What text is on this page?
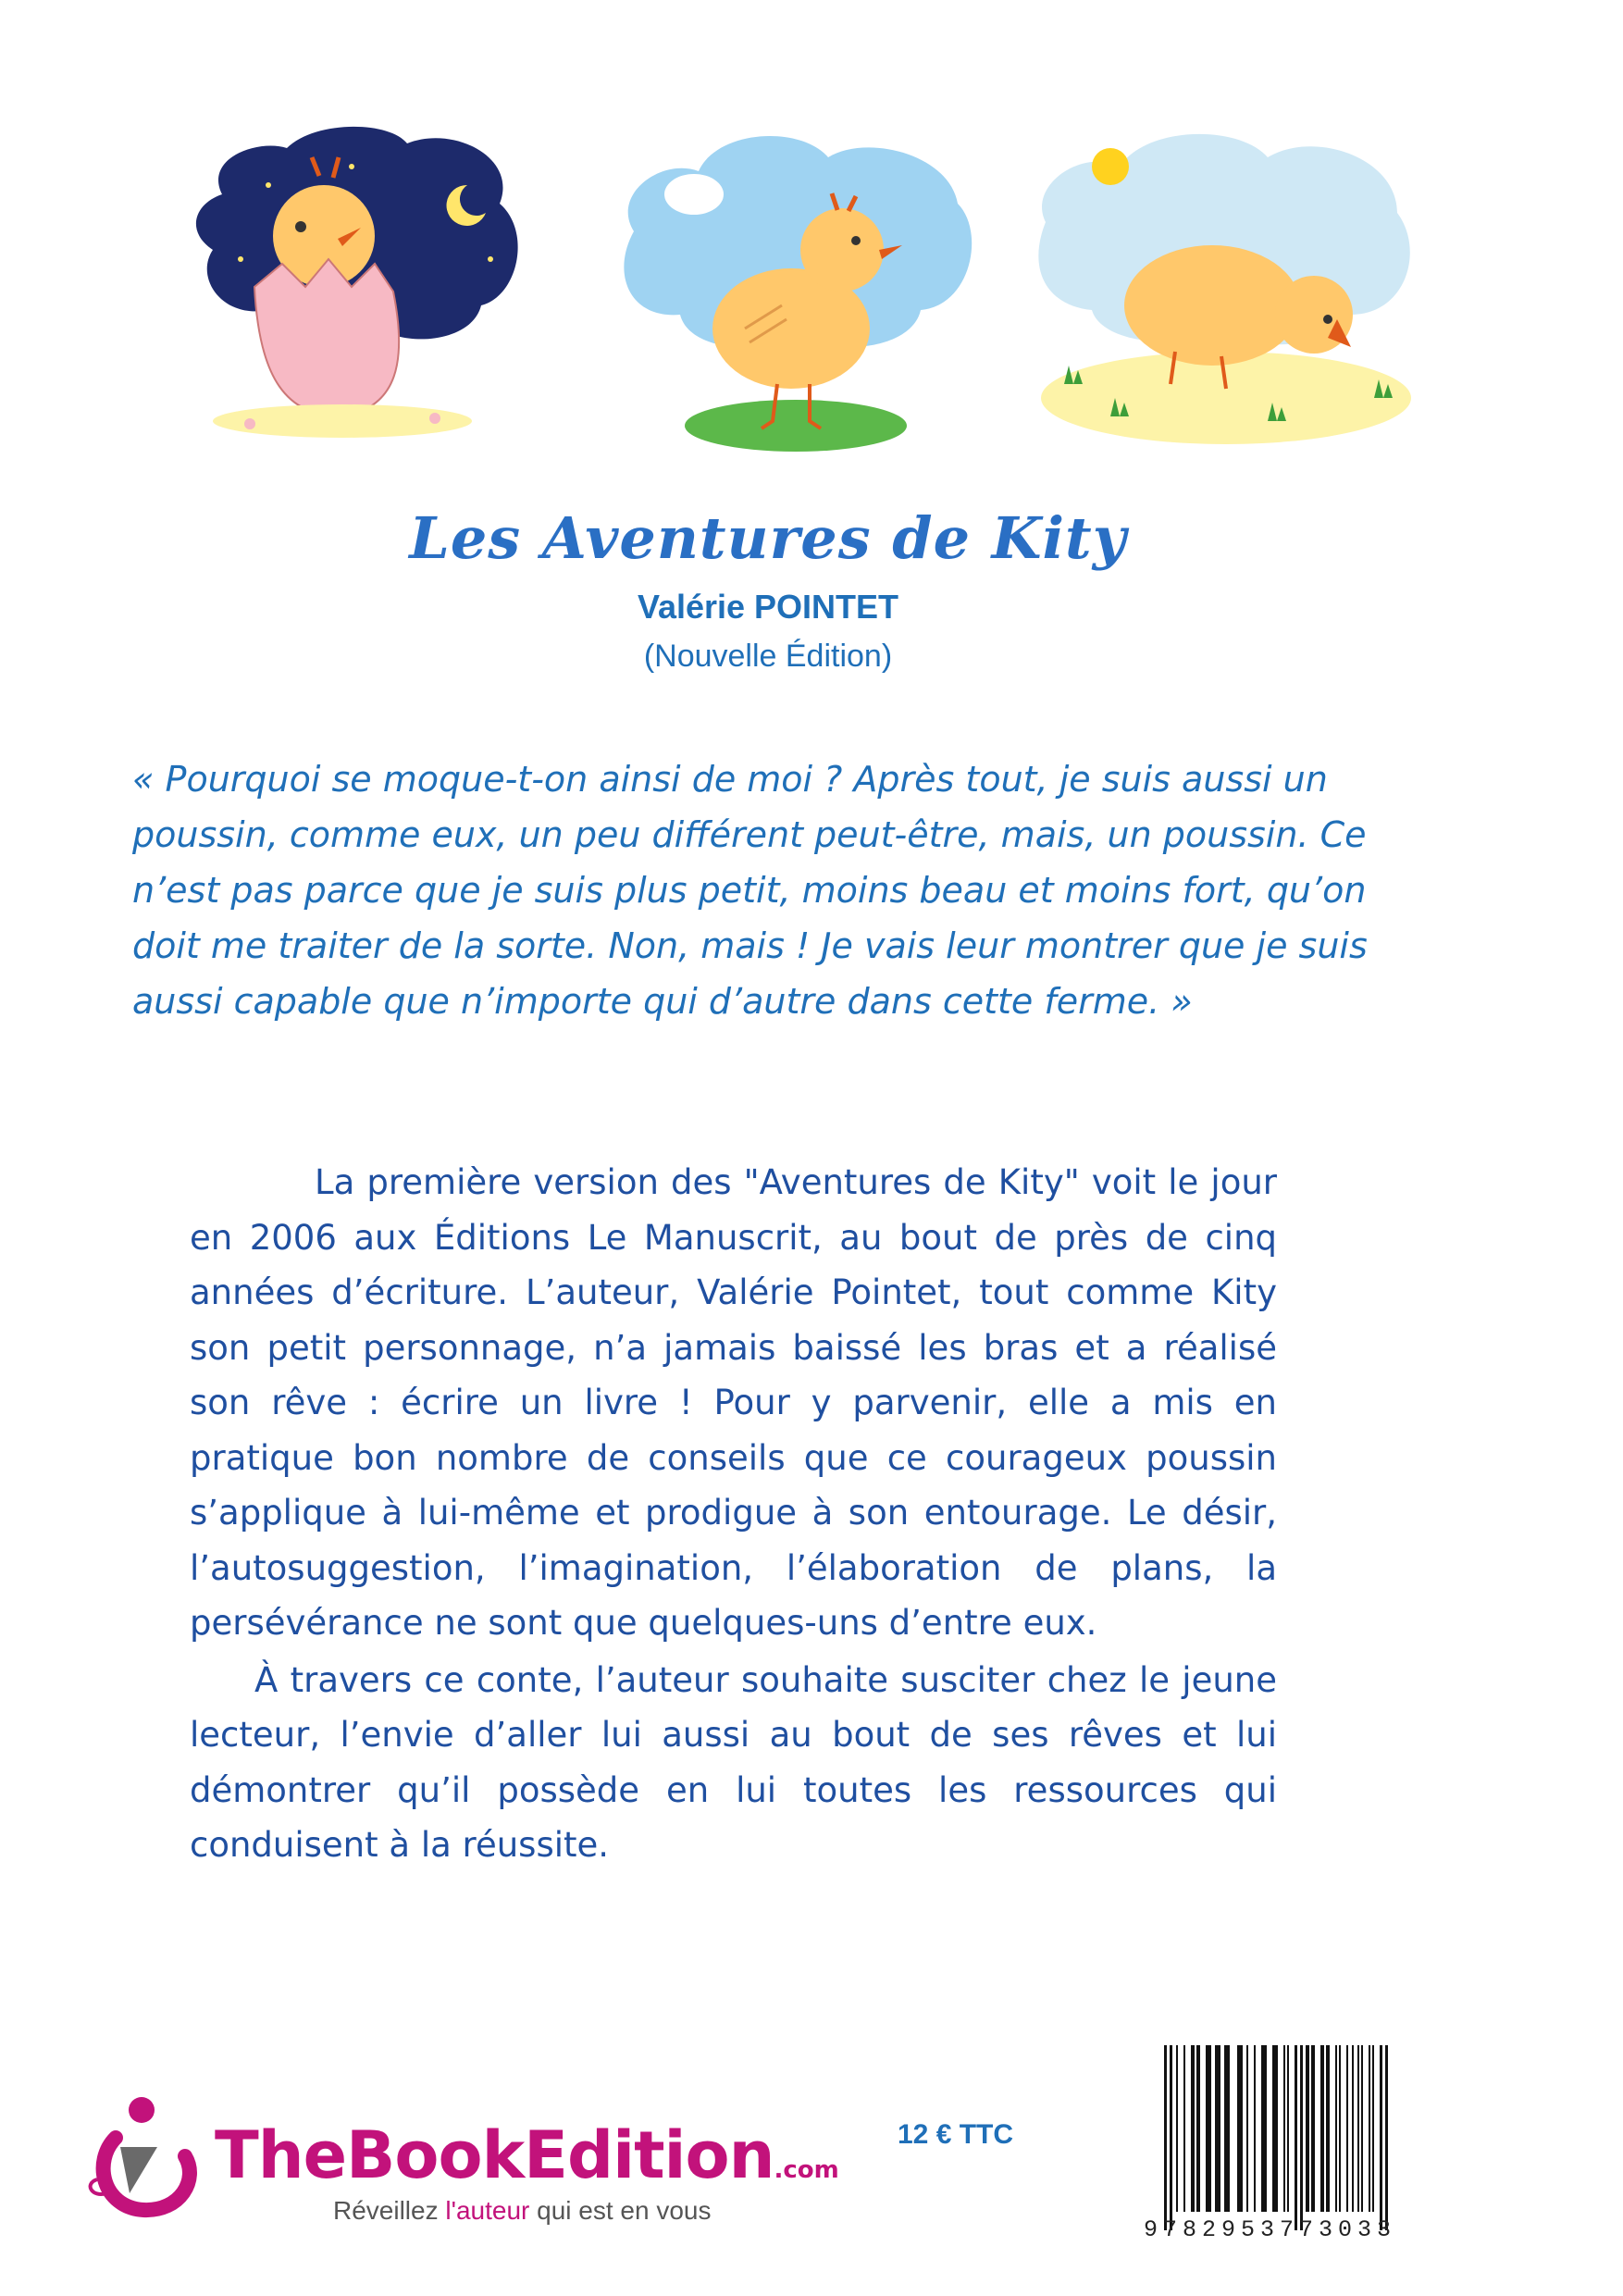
Les Aventures de Kity
Valérie POINTET
(Nouvelle Édition)
« Pourquoi se moque-t-on ainsi de moi ? Après tout, je suis aussi un poussin, comme eux, un peu différent peut-être, mais, un poussin. Ce n’est pas parce que je suis plus petit, moins beau et moins fort, qu’on doit me traiter de la sorte. Non, mais ! Je vais leur montrer que je suis aussi capable que n’importe qui d’autre dans cette ferme. »

La première version des "Aventures de Kity" voit le jour en 2006 aux Éditions Le Manuscrit, au bout de près de cinq années d’écriture. L’auteur, Valérie Pointet, tout comme Kity son petit personnage, n’a jamais baissé les bras et a réalisé son rêve : écrire un livre ! Pour y parvenir, elle a mis en pratique bon nombre de conseils que ce courageux poussin s’applique à lui-même et prodigue à son entourage. Le désir, l’autosuggestion, l’imagination, l’élaboration de plans, la persévérance ne sont que quelques-uns d’entre eux.

À travers ce conte, l’auteur souhaite susciter chez le jeune lecteur, l’envie d’aller lui aussi au bout de ses rêves et lui démontrer qu’il possède en lui toutes les ressources qui conduisent à la réussite.

TheBookEdition.com
Réveillez l'auteur qui est en vous
12 € TTC
9782953773033
